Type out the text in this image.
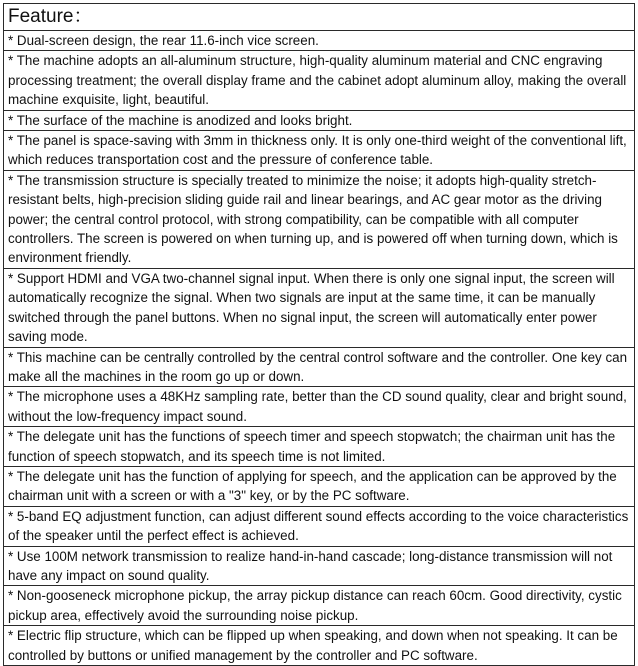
Feature：
* Dual-screen design, the rear 11.6-inch vice screen.
* The machine adopts an all-aluminum structure, high-quality aluminum material and CNC engraving processing treatment; the overall display frame and the cabinet adopt aluminum alloy, making the overall machine exquisite, light, beautiful.
* The surface of the machine is anodized and looks bright.
* The panel is space-saving with 3mm in thickness only. It is only one-third weight of the conventional lift, which reduces transportation cost and the pressure of conference table.
* The transmission structure is specially treated to minimize the noise; it adopts high-quality stretch-resistant belts, high-precision sliding guide rail and linear bearings, and AC gear motor as the driving power; the central control protocol, with strong compatibility, can be compatible with all computer controllers. The screen is powered on when turning up, and is powered off when turning down, which is environment friendly.
* Support HDMI and VGA two-channel signal input. When there is only one signal input, the screen will automatically recognize the signal. When two signals are input at the same time, it can be manually switched through the panel buttons. When no signal input, the screen will automatically enter power saving mode.
* This machine can be centrally controlled by the central control software and the controller. One key can make all the machines in the room go up or down.
* The microphone uses a 48KHz sampling rate, better than the CD sound quality, clear and bright sound, without the low-frequency impact sound.
* The delegate unit has the functions of speech timer and speech stopwatch; the chairman unit has the function of speech stopwatch, and its speech time is not limited.
* The delegate unit has the function of applying for speech, and the application can be approved by the chairman unit with a screen or with a "3" key, or by the PC software.
* 5-band EQ adjustment function, can adjust different sound effects according to the voice characteristics of the speaker until the perfect effect is achieved.
* Use 100M network transmission to realize hand-in-hand cascade; long-distance transmission will not have any impact on sound quality.
* Non-gooseneck microphone pickup, the array pickup distance can reach 60cm. Good directivity, cystic pickup area, effectively avoid the surrounding noise pickup.
* Electric flip structure, which can be flipped up when speaking, and down when not speaking. It can be controlled by buttons or unified management by the controller and PC software.
